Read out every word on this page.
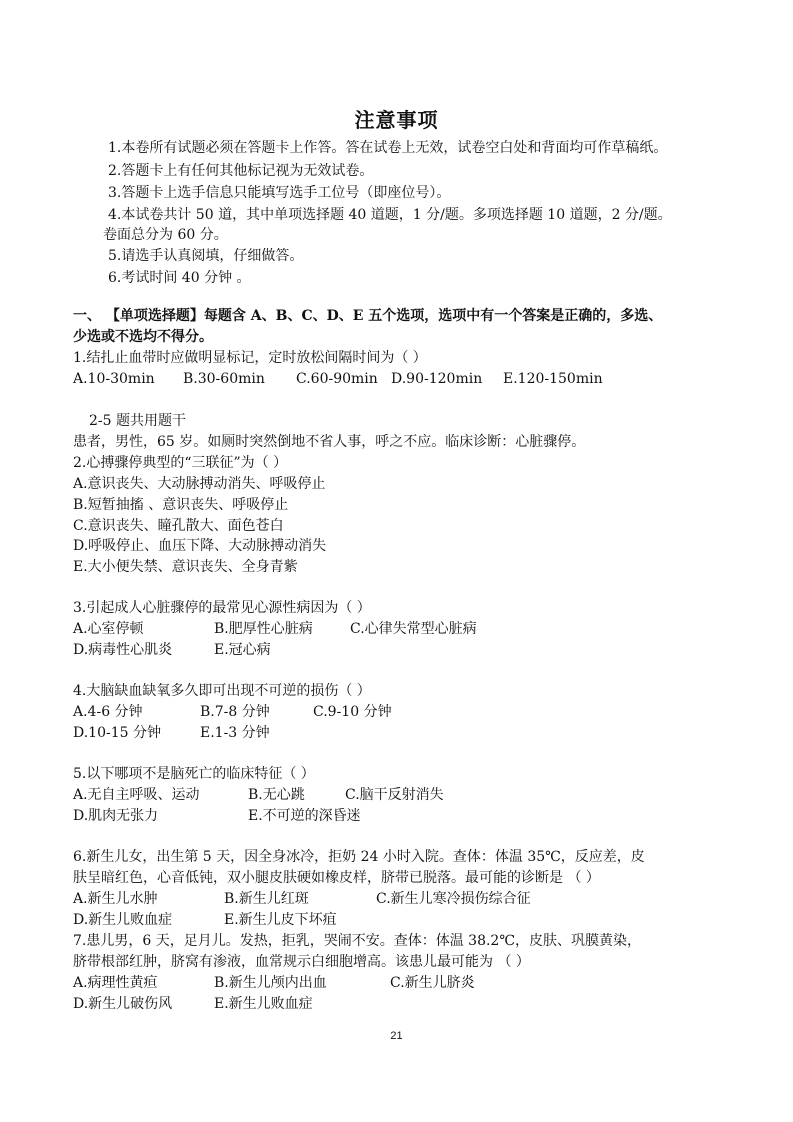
注意事项
1.本卷所有试题必须在答题卡上作答。答在试卷上无效，试卷空白处和背面均可作草稿纸。
2.答题卡上有任何其他标记视为无效试卷。
3.答题卡上选手信息只能填写选手工位号（即座位号）。
4.本试卷共计 50 道，其中单项选择题 40 道题，1 分/题。多项选择题 10 道题，2 分/题。
卷面总分为 60 分。
5.请选手认真阅填，仔细做答。
6.考试时间 40 分钟 。
一、 【单项选择题】每题含 A、B、C、D、E 五个选项，选项中有一个答案是正确的，多选、
少选或不选均不得分。
1.结扎止血带时应做明显标记，定时放松间隔时间为（ ）
A.10-30min B.30-60min C.60-90min D.90-120min E.120-150min
2-5 题共用题干
患者，男性，65 岁。如厕时突然倒地不省人事，呼之不应。临床诊断：心脏骤停。
2.心搏骤停典型的“三联征”为（ ）
A.意识丧失、大动脉搏动消失、呼吸停止
B.短暂抽搐 、意识丧失、呼吸停止
C.意识丧失、瞳孔散大、面色苍白
D.呼吸停止、血压下降、大动脉搏动消失
E.大小便失禁、意识丧失、全身青紫
3.引起成人心脏骤停的最常见心源性病因为（ ）
A.心室停顿	B.肥厚性心脏病	C.心律失常型心脏病
D.病毒性心肌炎	E.冠心病
4.大脑缺血缺氧多久即可出现不可逆的损伤（ ）
A.4-6 分钟	B.7-8 分钟	C.9-10 分钟
D.10-15 分钟	E.1-3 分钟
5.以下哪项不是脑死亡的临床特征（ ）
A.无自主呼吸、运动	B.无心跳	C.脑干反射消失
D.肌肉无张力	E.不可逆的深昏迷
6.新生儿女，出生第 5 天，因全身冰冷，拒奶 24 小时入院。查体：体温 35℃，反应差，皮
肤呈暗红色，心音低钝，双小腿皮肤硬如橡皮样，脐带已脱落。最可能的诊断是 （ ）
A.新生儿水肿	B.新生儿红斑	C.新生儿寒冷损伤综合征
D.新生儿败血症	E.新生儿皮下坏疽
7.患儿男，6 天，足月儿。发热，拒乳，哭闹不安。查体：体温 38.2℃，皮肤、巩膜黄染，
脐带根部红肿，脐窝有渗液，血常规示白细胞增高。该患儿最可能为 （ ）
A.病理性黄疸	B.新生儿颅内出血	C.新生儿脐炎
D.新生儿破伤风	E.新生儿败血症
21
